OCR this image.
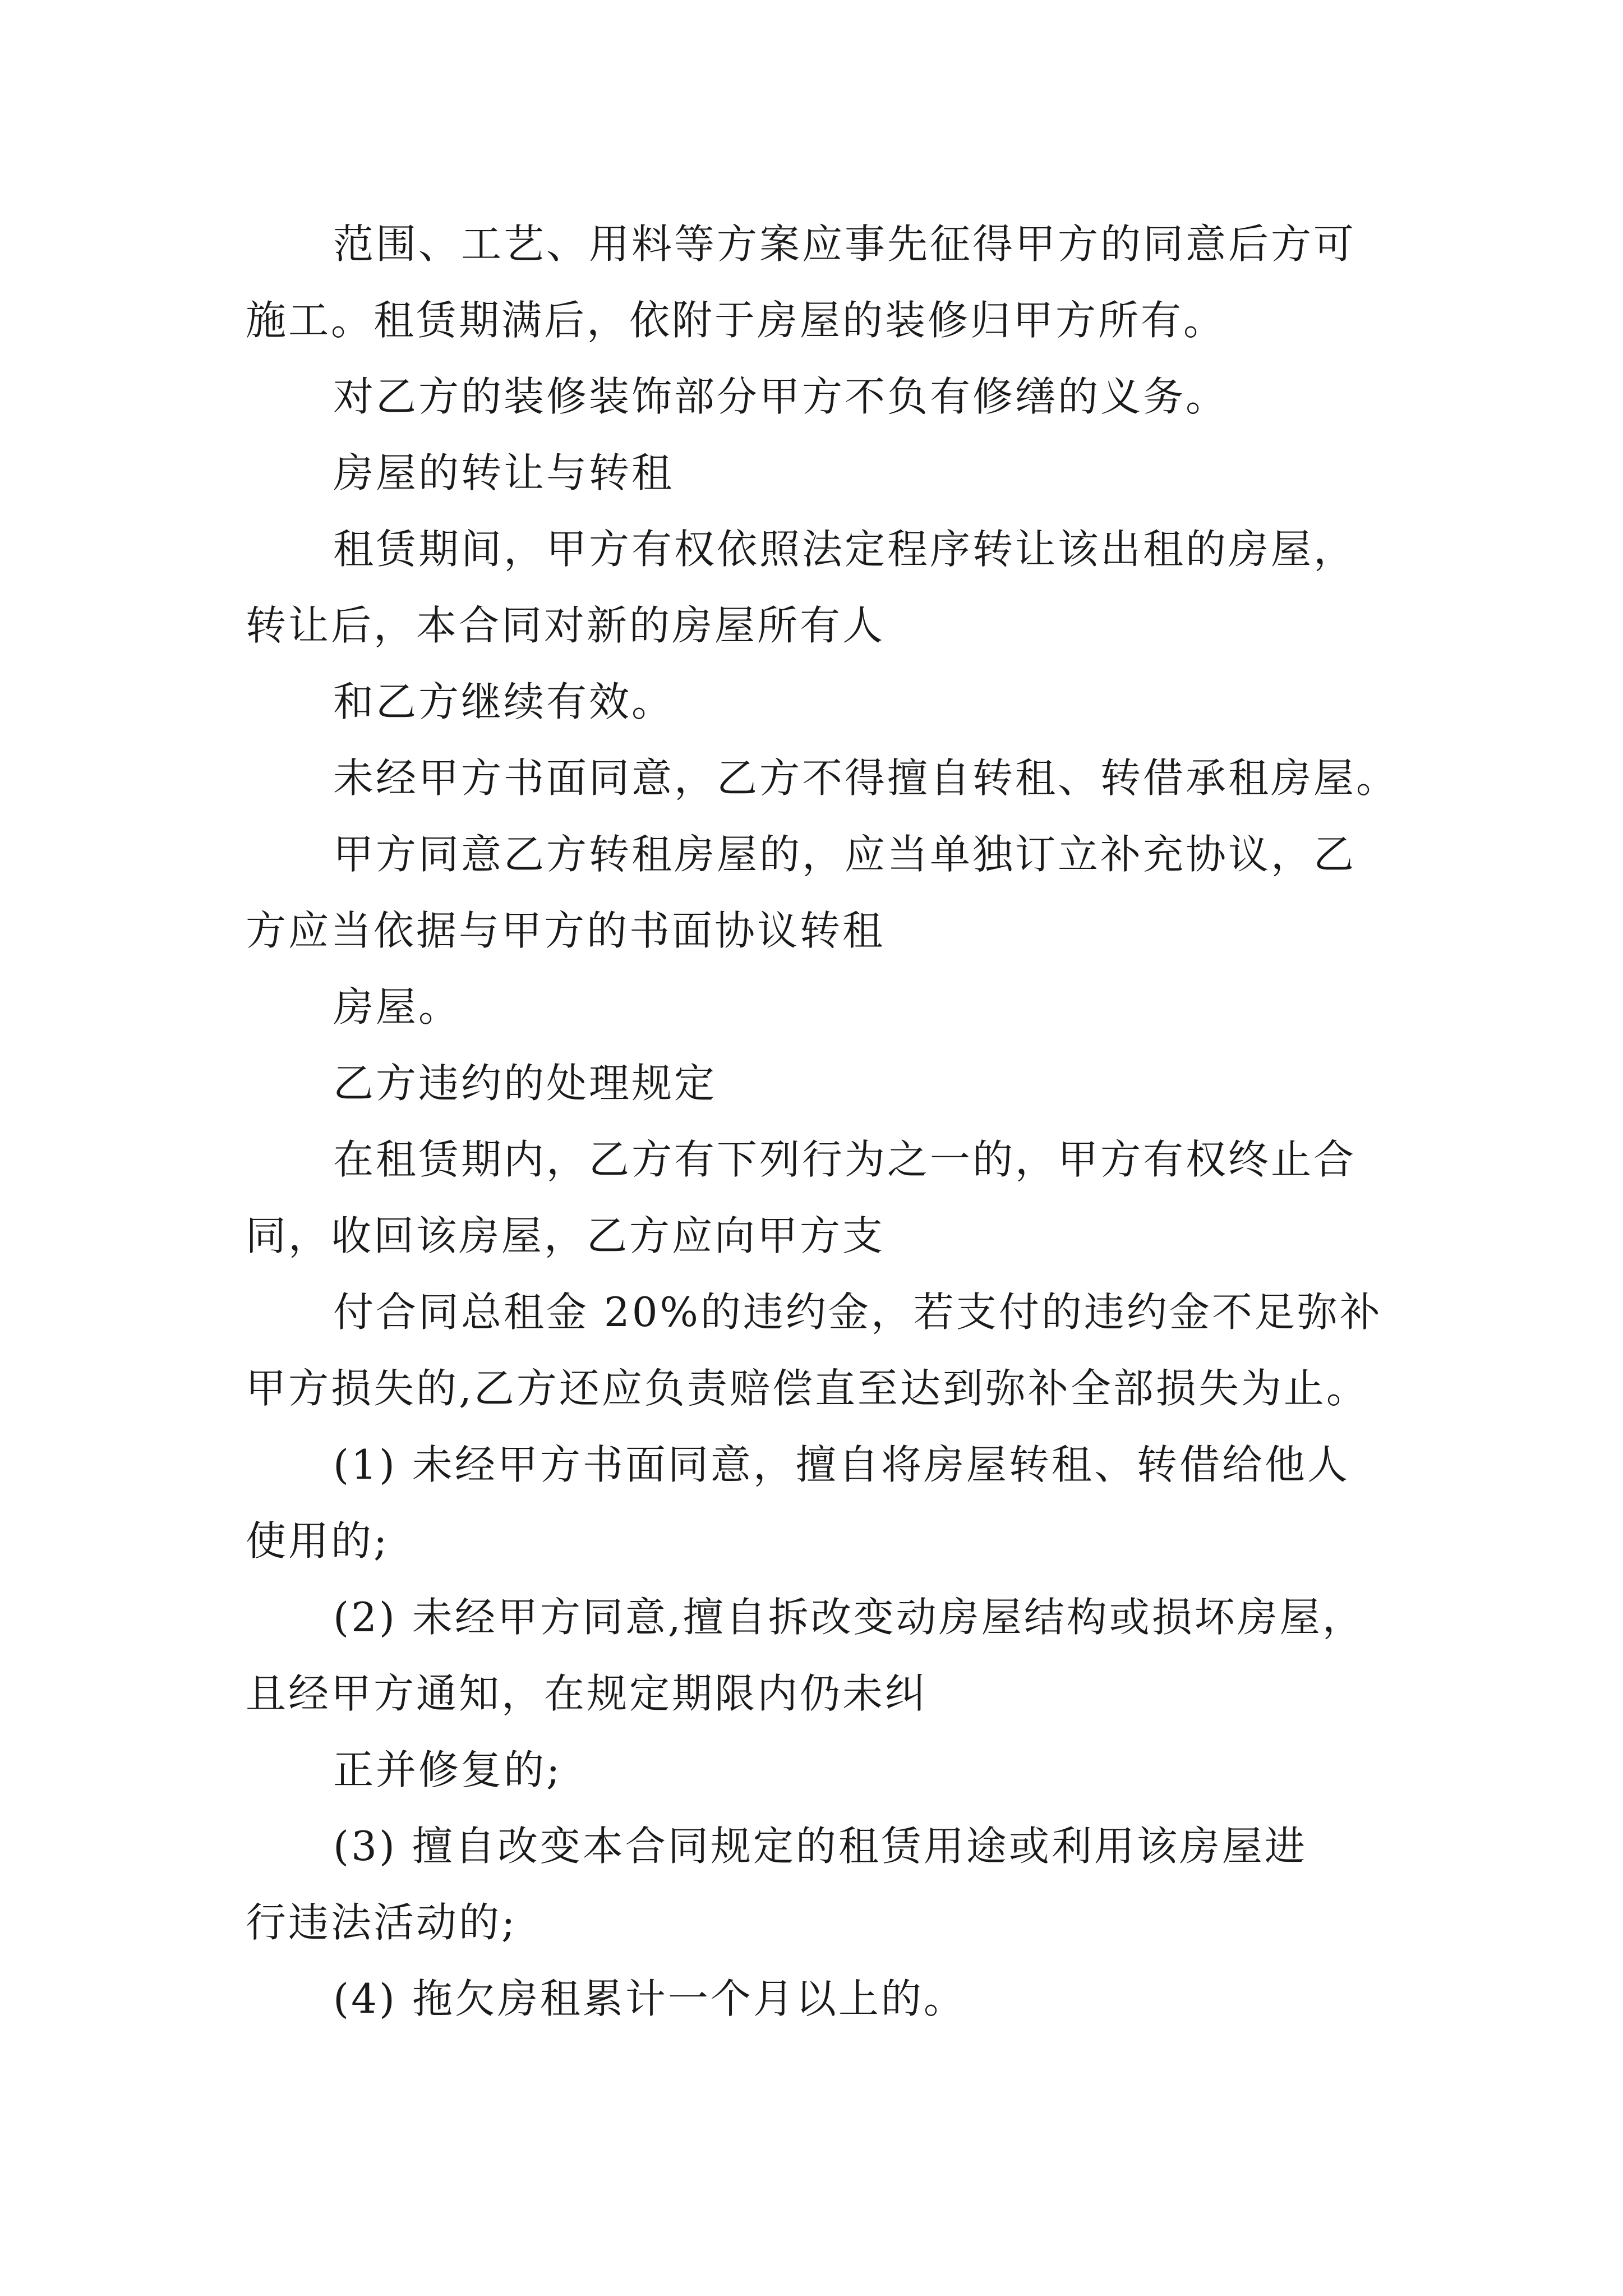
范围、工艺、用料等方案应事先征得甲方的同意后方可
施工。租赁期满后，依附于房屋的装修归甲方所有。
对乙方的装修装饰部分甲方不负有修缮的义务。
房屋的转让与转租
租赁期间，甲方有权依照法定程序转让该出租的房屋，
转让后，本合同对新的房屋所有人
和乙方继续有效。
未经甲方书面同意，乙方不得擅自转租、转借承租房屋。
甲方同意乙方转租房屋的，应当单独订立补充协议，乙
方应当依据与甲方的书面协议转租
房屋。
乙方违约的处理规定
在租赁期内，乙方有下列行为之一的，甲方有权终止合
同，收回该房屋，乙方应向甲方支
付合同总租金 20%的违约金，若支付的违约金不足弥补
甲方损失的,乙方还应负责赔偿直至达到弥补全部损失为止。
(1) 未经甲方书面同意，擅自将房屋转租、转借给他人
使用的;
(2) 未经甲方同意,擅自拆改变动房屋结构或损坏房屋，
且经甲方通知，在规定期限内仍未纠
正并修复的;
(3) 擅自改变本合同规定的租赁用途或利用该房屋进
行违法活动的;
(4) 拖欠房租累计一个月以上的。
